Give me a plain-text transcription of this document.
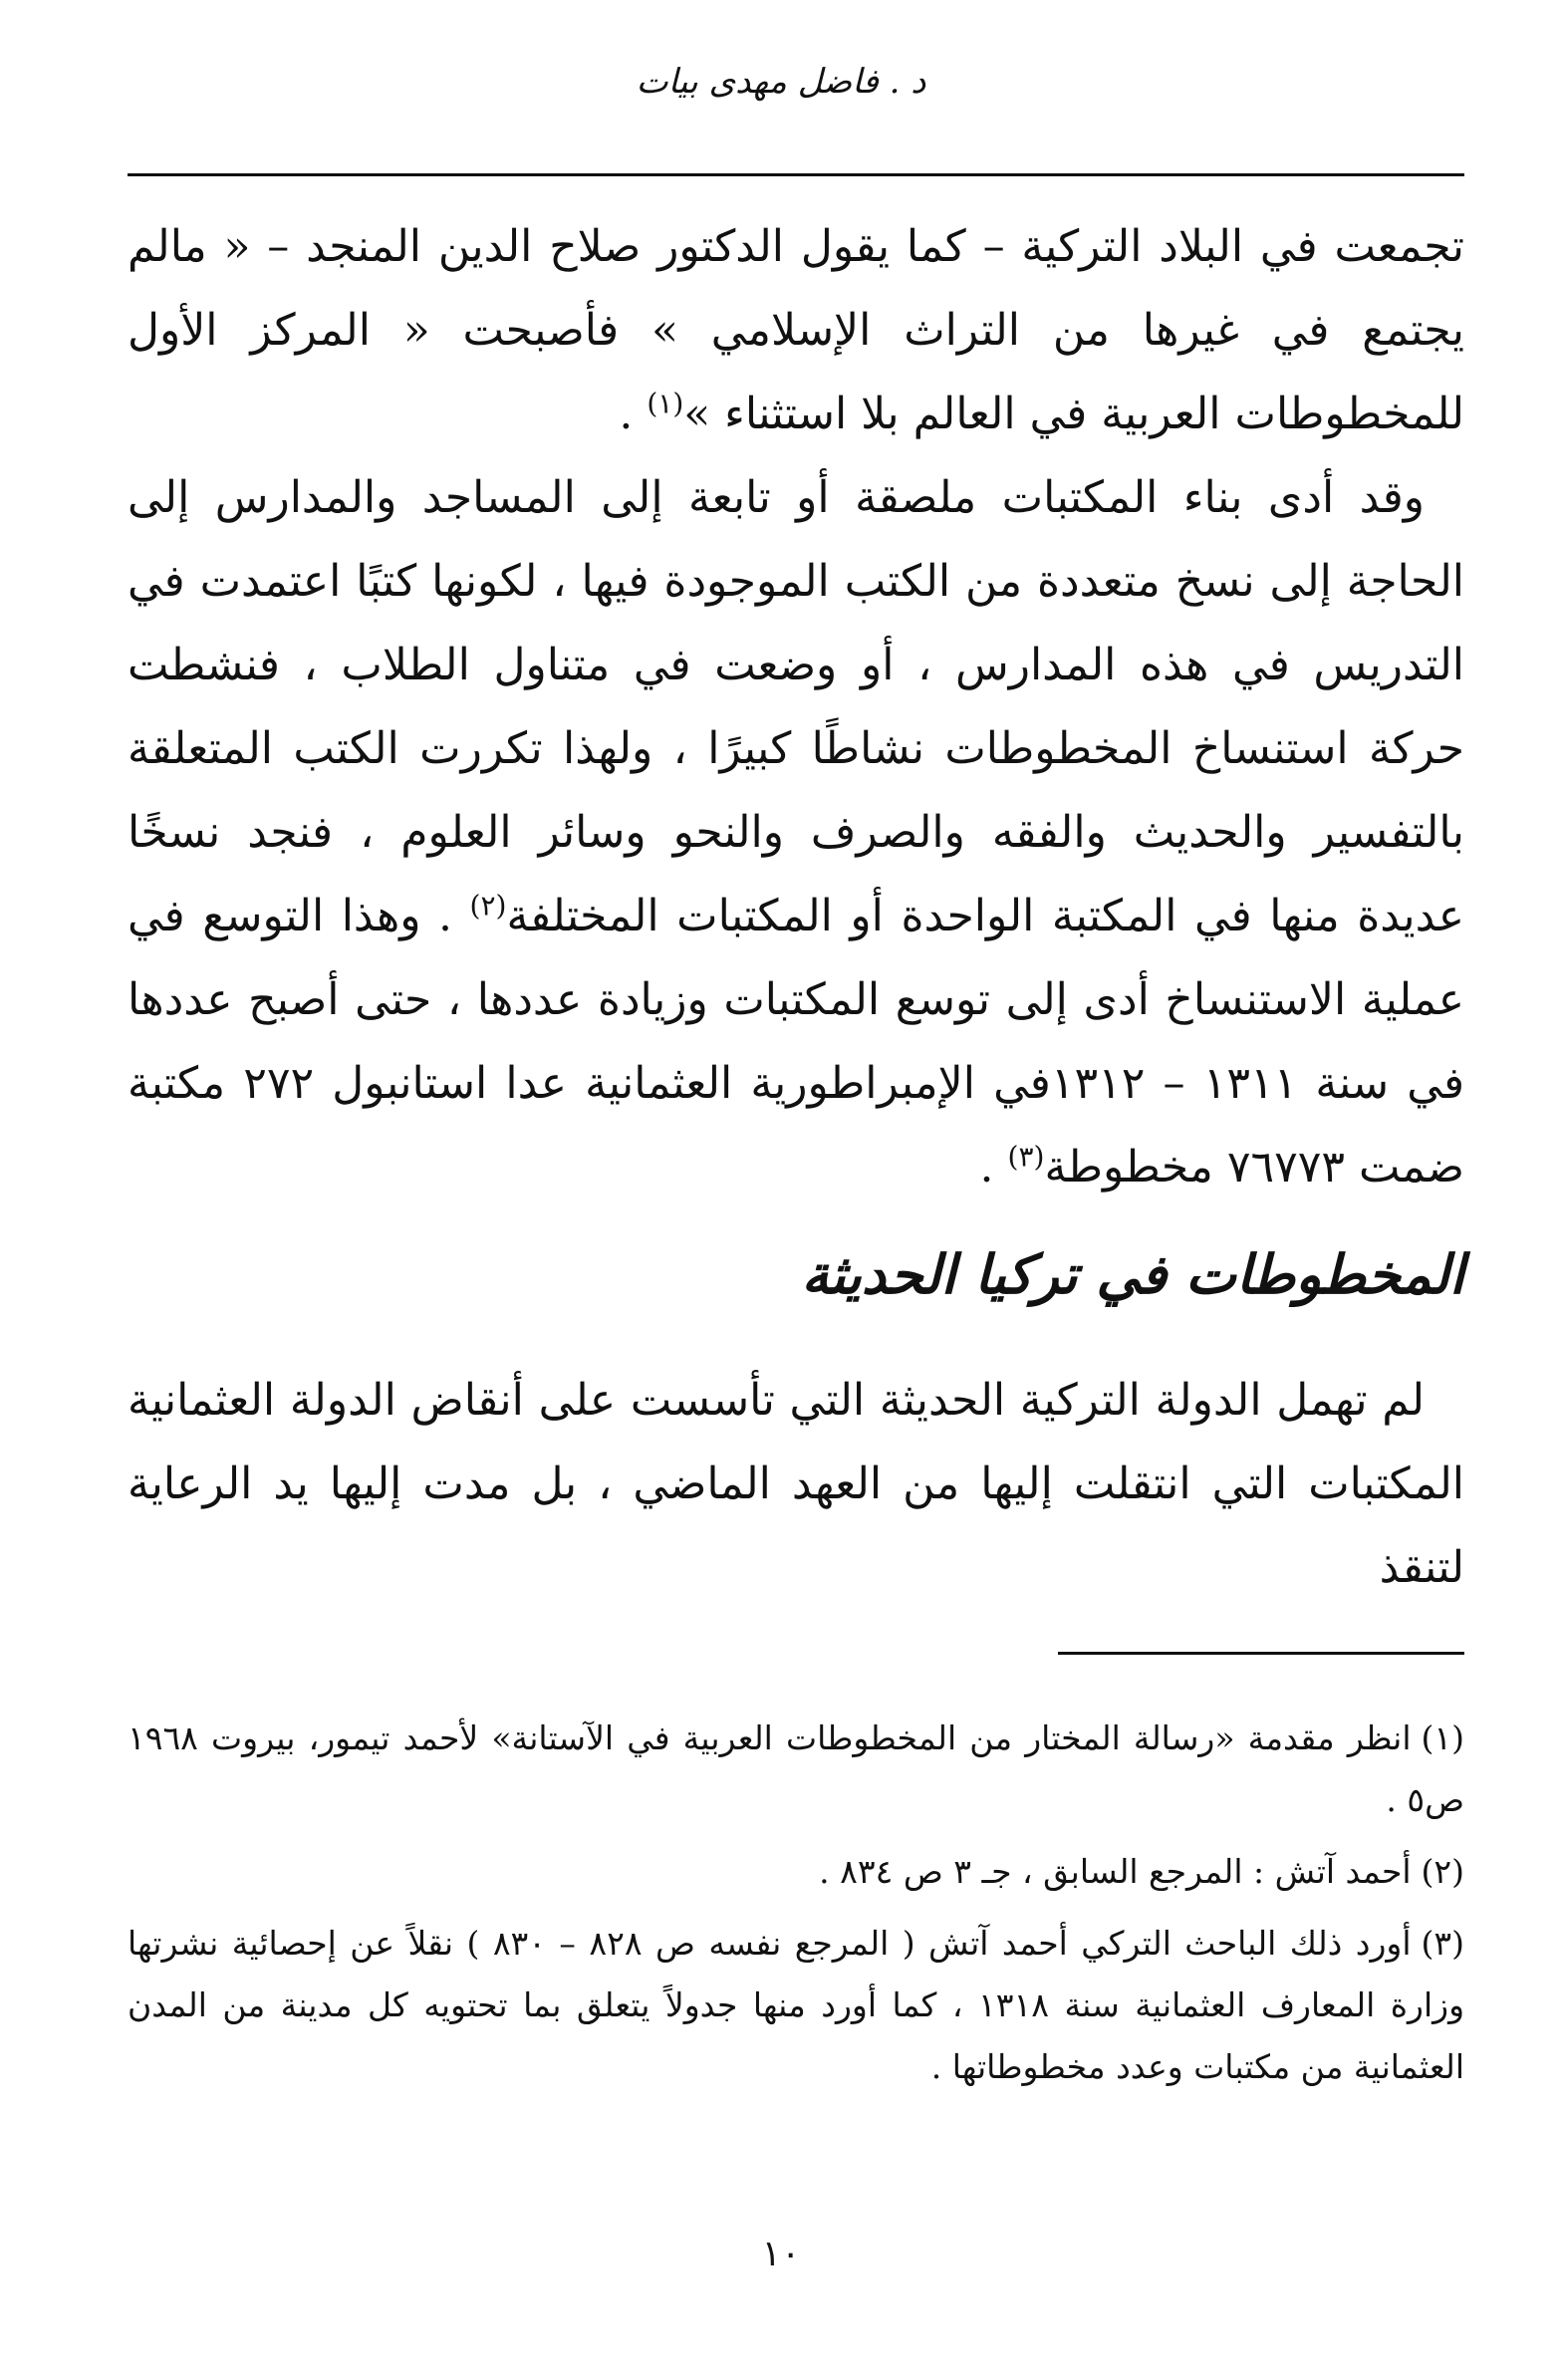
د . فاضل مهدى بيات

تجمعت في البلاد التركية – كما يقول الدكتور صلاح الدين المنجد – « مالم يجتمع في غيرها من التراث الإسلامي » فأصبحت « المركز الأول للمخطوطات العربية في العالم بلا استثناء »$^{(١)}$ .

وقد أدى بناء المكتبات ملصقة أو تابعة إلى المساجد والمدارس إلى الحاجة إلى نسخ متعددة من الكتب الموجودة فيها ، لكونها كتبًا اعتمدت في التدريس في هذه المدارس ، أو وضعت في متناول الطلاب ، فنشطت حركة استنساخ المخطوطات نشاطًا كبيرًا ، ولهذا تكررت الكتب المتعلقة بالتفسير والحديث والفقه والصرف والنحو وسائر العلوم ، فنجد نسخًا عديدة منها في المكتبة الواحدة أو المكتبات المختلفة$^{(٢)}$ . وهذا التوسع في عملية الاستنساخ أدى إلى توسع المكتبات وزيادة عددها ، حتى أصبح عددها في سنة ١٣١١ – ١٣١٢في الإمبراطورية العثمانية عدا استانبول ٢٧٢ مكتبة ضمت ٧٦٧٧٣ مخطوطة$^{(٣)}$ .

المخطوطات في تركيا الحديثة

لم تهمل الدولة التركية الحديثة التي تأسست على أنقاض الدولة العثمانية المكتبات التي انتقلت إليها من العهد الماضي ، بل مدت إليها يد الرعاية لتنقذ

(١)انظر مقدمة «رسالة المختار من المخطوطات العربية في الآستانة» لأحمد تيمور، بيروت ١٩٦٨ ص٥ .

(٢)أحمد آتش : المرجع السابق ، جـ ٣ ص ٨٣٤ .

(٣)أورد ذلك الباحث التركي أحمد آتش ( المرجع نفسه ص ٨٢٨ – ٨٣٠ ) نقلاً عن إحصائية نشرتها وزارة المعارف العثمانية سنة ١٣١٨ ، كما أورد منها جدولاً يتعلق بما تحتويه كل مدينة من المدن العثمانية من مكتبات وعدد مخطوطاتها .

١٠
